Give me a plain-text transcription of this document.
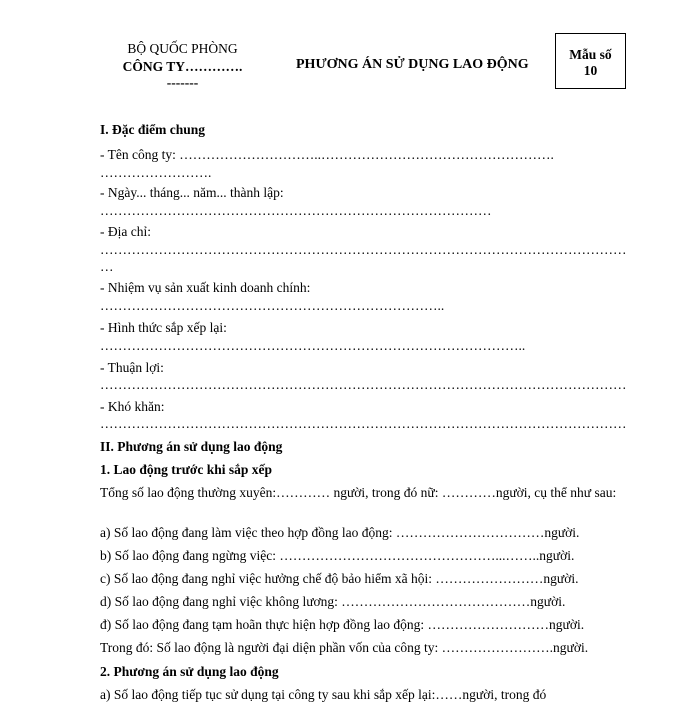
BỘ QUỐC PHÒNG
CÔNG TY………….
-------
PHƯƠNG ÁN SỬ DỤNG LAO ĐỘNG
Mẫu số
10
I. Đặc điểm chung
- Tên công ty: …………………………..…………………………………………….
…………………….
- Ngày... tháng... năm... thành lập:
……………………………………………………………………………
- Địa chỉ:
………………………………………………………………………………………………………
…
- Nhiệm vụ sản xuất kinh doanh chính:
…………………………………………………………………..
- Hình thức sắp xếp lại:
…………………………………………………………………………………..
- Thuận lợi:
………………………………………………………………………………………………………
- Khó khăn:
………………………………………………………………………………………………………
II. Phương án sử dụng lao động
1. Lao động trước khi sắp xếp
Tổng số lao động thường xuyên:………… người, trong đó nữ: …………người, cụ thể như sau:
a) Số lao động đang làm việc theo hợp đồng lao động: ……………………………người.
b) Số lao động đang ngừng việc: …………………………………………...……..người.
c) Số lao động đang nghỉ việc hưởng chế độ bảo hiểm xã hội: ……………………người.
d) Số lao động đang nghỉ việc không lương: ……………………………………người.
đ) Số lao động đang tạm hoãn thực hiện hợp đồng lao động: ………………………người.
Trong đó: Số lao động là người đại diện phần vốn của công ty: …………………….người.
2. Phương án sử dụng lao động
a) Số lao động tiếp tục sử dụng tại công ty sau khi sắp xếp lại:……người, trong đó
